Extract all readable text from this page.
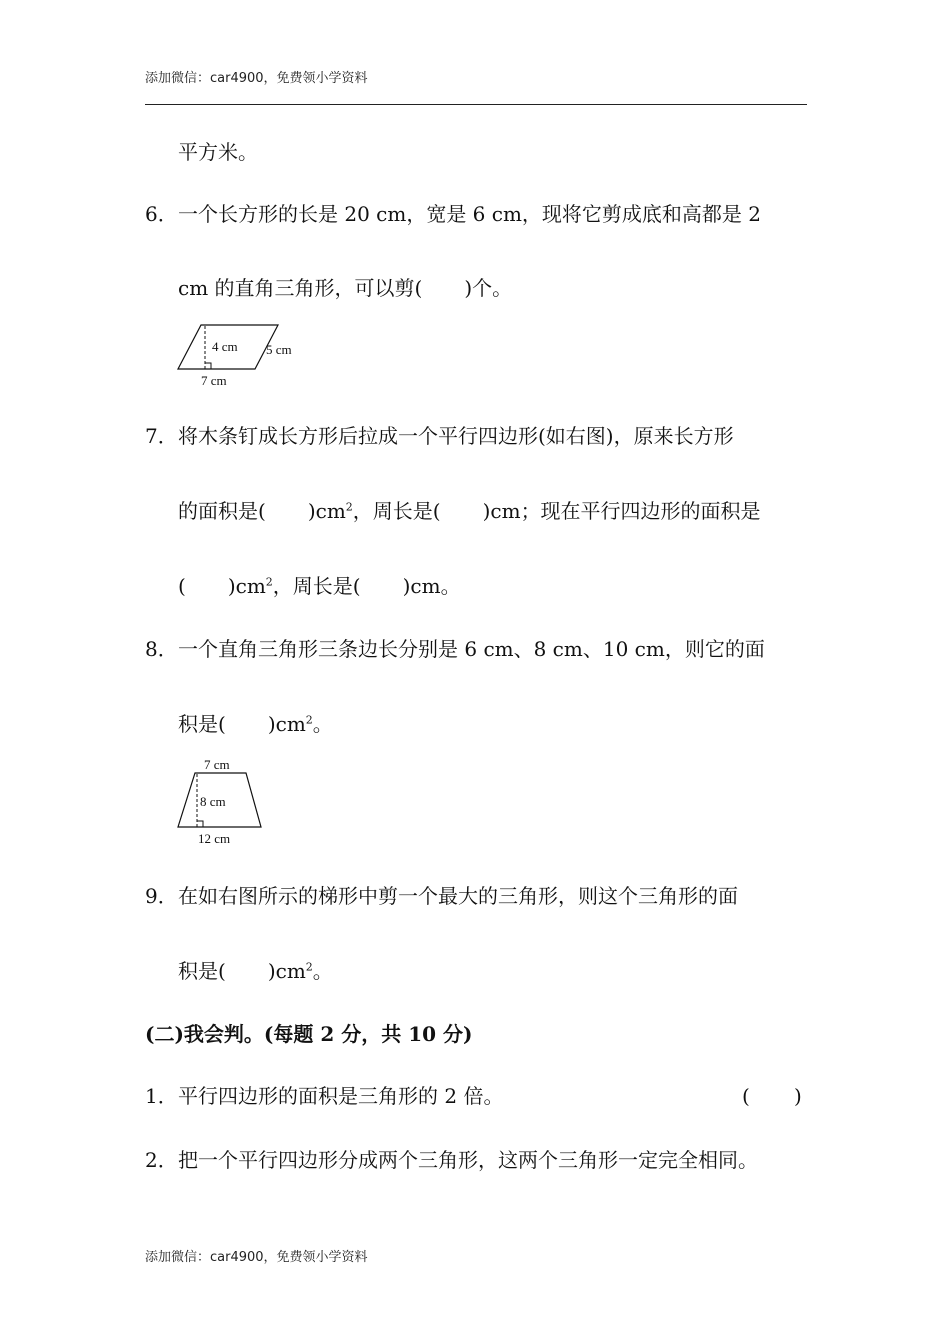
添加微信：car4900，免费领小学资料
平方米。
6． 一个长方形的长是 20 cm，宽是 6 cm，现将它剪成底和高都是 2
cm 的直角三角形，可以剪( )个。
4 cm 5 cm
7 cm
7． 将木条钉成长方形后拉成一个平行四边形(如右图)，原来长方形
的面积是( )$cm^2$，周长是( )cm；现在平行四边形的面积是
( )$cm^2$，周长是( )cm。
8． 一个直角三角形三条边长分别是 6 cm、8 cm、10 cm，则它的面
积是( )$cm^2$。
7 cm
8 cm
12 cm
9． 在如右图所示的梯形中剪一个最大的三角形，则这个三角形的面
积是( )$cm^2$。
(二)我会判。(每题 2 分，共 10 分)
1． 平行四边形的面积是三角形的 2 倍。	( )
2． 把一个平行四边形分成两个三角形，这两个三角形一定完全相同。
添加微信：car4900，免费领小学资料
